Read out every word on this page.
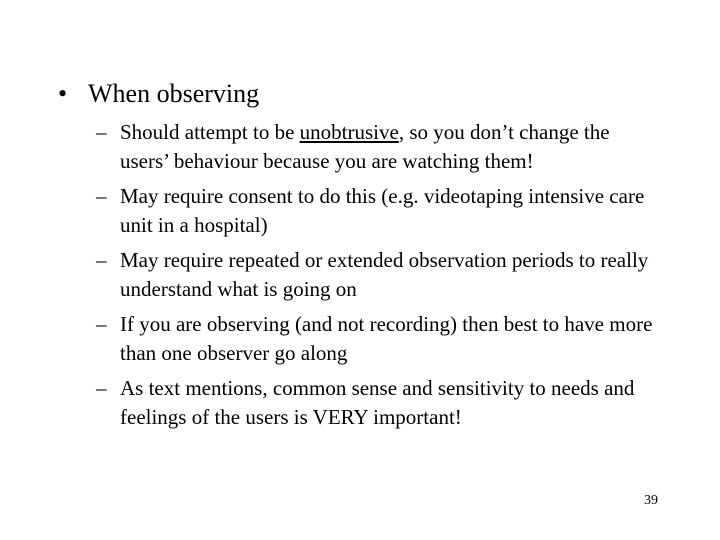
• When observing
– Should attempt to be unobtrusive, so you don’t change the users’ behaviour because you are watching them!
– May require consent to do this (e.g. videotaping intensive care unit in a hospital)
– May require repeated or extended observation periods to really understand what is going on
– If you are observing (and not recording) then best to have more than one observer go along
– As text mentions, common sense and sensitivity to needs and feelings of the users is VERY important!
39
